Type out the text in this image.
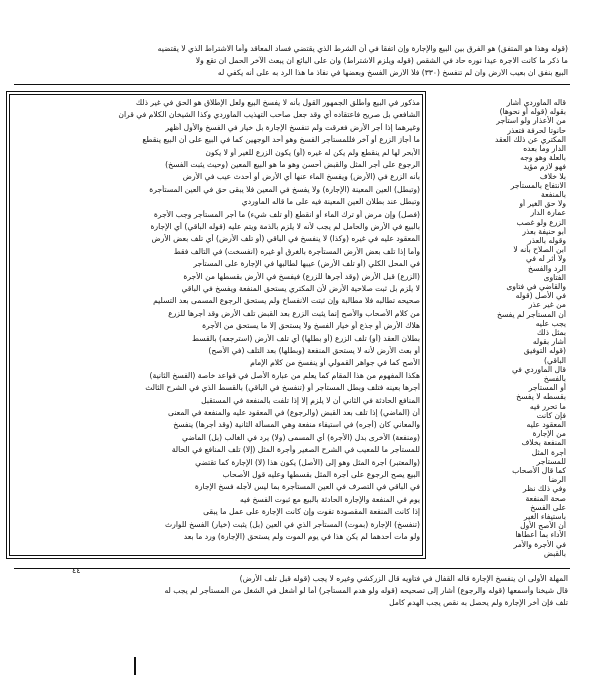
(قوله وهذا هو المتفق) هو الفرق بين البيع والإجارة وإن اتفقا في أن الشرط الذي يقتضي فساد المعاقد وأما الاشتراط الذي لا يقتضيه
ما ذكر ما كانت الاجرة عيدا نوره حاد في الشقص (قوله ويلزم الاشتراط) وان على البائع ان يبعث الآخر الحمل ان تقع ولا
البيع بنفق ان بعيب الارض وان لم تنفسخ (٣٣٠) فلا الارض الفسخ وبعضها في نفاذ ما هذا الرد به على أنه يكفي له
مذكور في البيع وأطلق الجمهور القول بأنه لا يفسخ البيع ولعل الإطلاق هو الحق في غير ذلك
الشافعي بل صريح فاعتقاده أي وقد جعل صاحب التهذيب الماوردي وكذا الشيخان الكلام في قران
وغيرهما إذا أجر الأرض فغرقت ولم تنفسخ الإجارة بل خيار في الفسخ والأول أظهر
ما أجاز الزرع أو آخر فللمستأجر الفسخ وهو أحد الوجهين كما في البيع على أن البيع ينقطع
الأبحر لها لم ينقطع ولم يكن له غيره (أو) يكون الزرع للغير أو لا يكون
الرجوع على أجر المثل والقبض أحسن وهو ما هو البيع المعين (وحيث يثبت الفسخ)
بأنه الزرع في (الأرض) ويفسخ الماء عنها أي الأرض أو أحدث عيب في الأرض
(وتبطل) العين المعينة (الإجارة) ولا يفسخ في المعين فلا يبقى حق في العين المستأجرة
وتبطل عند بطلان العين المعينة فيه على ما قاله الماوردي
(فصل) وإن مرض أو ترك الماء أو انقطع (أو تلف شيء) ما أجر المستأجر وجب الأجرة
بالبيع في الأرض والحامل لم يجب لأنه لا يلزم بالذمة ويتم عليه (قوله الباقي) أي الإجارة
المعقود عليه في غيره (وكذا) لا ينفسخ في الباقي (أو تلف الأرض) أي تلف بعض الأرض
وأما إذا تلف بعض الأرض المستأجرة بالغرق أو غيره (انفسخت) في التالف فقط
في المحل الكلي (أو تلف الأرض) عيبها لطالبها في الإجارة على المستأجر
(الزرع) قبل الأرض (وقد أجرها للزرع) فيفسخ في الأرض بقسطها من الأجرة
لا يلزم بل ثبت صلاحية الأرض لأن المكتري يستحق المنفعة ويفسخ في الباقي
صحيحه تطالبه فلا مطالبة وإن ثبتت الانفساخ ولم يستحق الرجوع المسمى بعد التسليم
من كلام الأصحاب والأصح إنما يثبت الزرع بعد القبض تلف الأرض وقد أجرها للزرع
هلاك الأرض أو جذع أو خيار الفسخ ولا يستحق إلا ما يستحق من الأجرة
بطلان العقد (أو) تلف الزرع (أو بطلها) أي تلف الأرض (استرجعه) بالقسط
أو بعث الأرض لأنه لا يستحق المنفعة (وبطلها) بعد التلف (في الأصح)
الأصح كما في جواهر القمولي أو ينفسخ من كلام الإمام
هكذا المفهوم من هذا المقام كما يعلم من عبارة الأصل في قواعد خاصة (الفسخ الثانية)
أجرها بعينه فتلف وبطل المستأجر أو (تنفسخ في الباقي) بالقسط الذي في الشرح الثالث
المنافع الحادثة في الثاني أن لا يلزم إلا إذا تلفت بالمنفعة في المستقبل
أن (الماضي) إذا تلف بعد القبض (والرجوع) في المعقود عليه والمنفعة في المعنى
والمعاني كان (أجره) في استيفاء منفعة وهي المسألة الثانية (وقد أجرها) ينفسخ
(ومنفعة) الأخرى بدل (الأجرة) أي المسمى (ولا) يرد في الغالب (بل) الماضي
للمستأجر ما للمعيب في الشرح الصغير وأجرة المثل (إلا) تلف المنافع في الحالة
(والمعتبر) أجرة المثل وهو إلى (الأصل) يكون هذا (لا) الإجارة كما تقتضي
البيع يصح الرجوع على أجرة المثل بقسطها وعليه قول الأصحاب
في الباقي في التصرف في العين المستأجرة بما ليس لأجله فسخ الإجارة
يوم في المنفعة والإجارة الحادثة بالبيع مع ثبوت الفسخ فيه
إذا كانت المنفعة المقصودة تفوت وإن كانت الإجارة على عمل ما يبقى
(تنفسخ) الإجارة (بموت) المستأجر الذي في العين (بل) يثبت (خيار) الفسخ للوارث
ولو مات أحدهما لم يكن هذا في يوم الموت ولم يستحق (الإجارة) ورد ما بعد
قاله الماوردي أشار
بقوله (قوله أو نحوها)
من الأعذار ولو استأجر
حانوتا لحرفة فتعذر
المكتري عن ذلك العقد
الدار وما بعده
بالعلة وهو وجه
فهو لازم مؤيد
بلا خلاف
الانتفاع بالمستأجر
بالمنفعة
ولا حق الغير أو
عمارة الدار
الزرع ولو غصب
أبو حنيفة بعذر
وقوله بالعذر
ابن الصلاح بأنه لا
ولا أثر له في
الرد والفسخ
الفتاوى
والقاضي في فتاوى
في الأصل (قوله
من غير عذر
أن المستأجر لم يفسخ
يجب عليه
بمثل ذلك
أشار بقوله
(قوله التوفيق
الباقي)
قال الماوردي في
بالفسخ
أو المستأجر
بقسطه لا يفسخ
ما تحرر فيه
فإن كانت
المعقود عليه
من الإجارة
المنفعة بخلاف
أجرة المثل
للمستأجر
كما قال الأصحاب
الرضا
وفي ذلك نظر
صحة المنفعة
على الفسخ
باستيفاء الغير
أن الأصح الأول
الأداء بما أعطاها
في الأجرة والأمر
بالقبض
المهلة الأولى ان ينفسخ الإجارة قاله القفال في فتاويه قال الزركشي وغيره لا يجب (قوله قبل تلف الأرض)
قال شيخنا وأسمعها (قوله والرجوع) أشار إلى تصحيحه (قوله ولو هدم المستأجر) أما لو أشغل في الشغل من المستأجر لم يجب له
تلف فإن أخر الإجارة ولم يحصل به نقص يجب الهدم كامل
٤٤
